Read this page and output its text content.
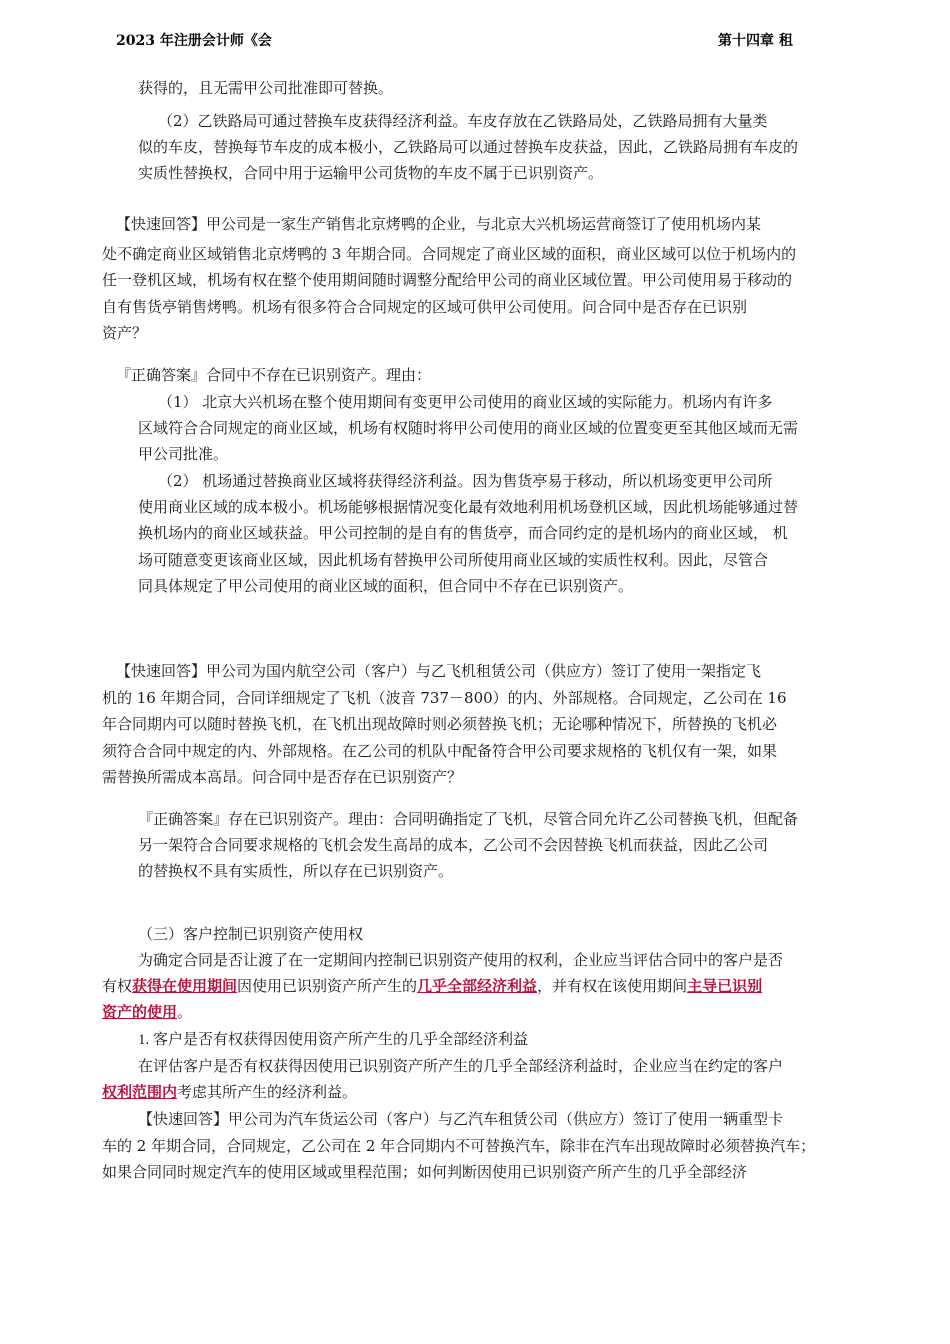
2023 年注册会计师《会	第十四章 租
获得的，且无需甲公司批准即可替换。
（2）乙铁路局可通过替换车皮获得经济利益。车皮存放在乙铁路局处，乙铁路局拥有大量类
似的车皮，替换每节车皮的成本极小，乙铁路局可以通过替换车皮获益，因此，乙铁路局拥有车皮的
实质性替换权，合同中用于运输甲公司货物的车皮不属于已识别资产。
【快速回答】甲公司是一家生产销售北京烤鸭的企业，与北京大兴机场运营商签订了使用机场内某
处不确定商业区域销售北京烤鸭的 3 年期合同。合同规定了商业区域的面积，商业区域可以位于机场内的
任一登机区域，机场有权在整个使用期间随时调整分配给甲公司的商业区域位置。甲公司使用易于移动的
自有售货亭销售烤鸭。机场有很多符合合同规定的区域可供甲公司使用。问合同中是否存在已识别
资产？
『正确答案』合同中不存在已识别资产。理由：
（1） 北京大兴机场在整个使用期间有变更甲公司使用的商业区域的实际能力。机场内有许多
区域符合合同规定的商业区域，机场有权随时将甲公司使用的商业区域的位置变更至其他区域而无需
甲公司批准。
（2） 机场通过替换商业区域将获得经济利益。因为售货亭易于移动，所以机场变更甲公司所
使用商业区域的成本极小。机场能够根据情况变化最有效地利用机场登机区域，因此机场能够通过替
换机场内的商业区域获益。甲公司控制的是自有的售货亭，而合同约定的是机场内的商业区域， 机
场可随意变更该商业区域，因此机场有替换甲公司所使用商业区域的实质性权利。因此，尽管合
同具体规定了甲公司使用的商业区域的面积，但合同中不存在已识别资产。
【快速回答】甲公司为国内航空公司（客户）与乙飞机租赁公司（供应方）签订了使用一架指定飞
机的 16 年期合同，合同详细规定了飞机（波音 737－800）的内、外部规格。合同规定，乙公司在 16
年合同期内可以随时替换飞机，在飞机出现故障时则必须替换飞机；无论哪种情况下，所替换的飞机必
须符合合同中规定的内、外部规格。在乙公司的机队中配备符合甲公司要求规格的飞机仅有一架，如果
需替换所需成本高昂。问合同中是否存在已识别资产？
『正确答案』存在已识别资产。理由：合同明确指定了飞机，尽管合同允许乙公司替换飞机，但配备
另一架符合合同要求规格的飞机会发生高昂的成本，乙公司不会因替换飞机而获益，因此乙公司
的替换权不具有实质性，所以存在已识别资产。
（三）客户控制已识别资产使用权
为确定合同是否让渡了在一定期间内控制已识别资产使用的权利，企业应当评估合同中的客户是否
有权获得在使用期间因使用已识别资产所产生的几乎全部经济利益，并有权在该使用期间主导已识别
资产的使用。
1. 客户是否有权获得因使用资产所产生的几乎全部经济利益
在评估客户是否有权获得因使用已识别资产所产生的几乎全部经济利益时，企业应当在约定的客户
权利范围内考虑其所产生的经济利益。
【快速回答】甲公司为汽车货运公司（客户）与乙汽车租赁公司（供应方）签订了使用一辆重型卡
车的 2 年期合同，合同规定，乙公司在 2 年合同期内不可替换汽车，除非在汽车出现故障时必须替换汽车；
如果合同同时规定汽车的使用区域或里程范围；如何判断因使用已识别资产所产生的几乎全部经济
